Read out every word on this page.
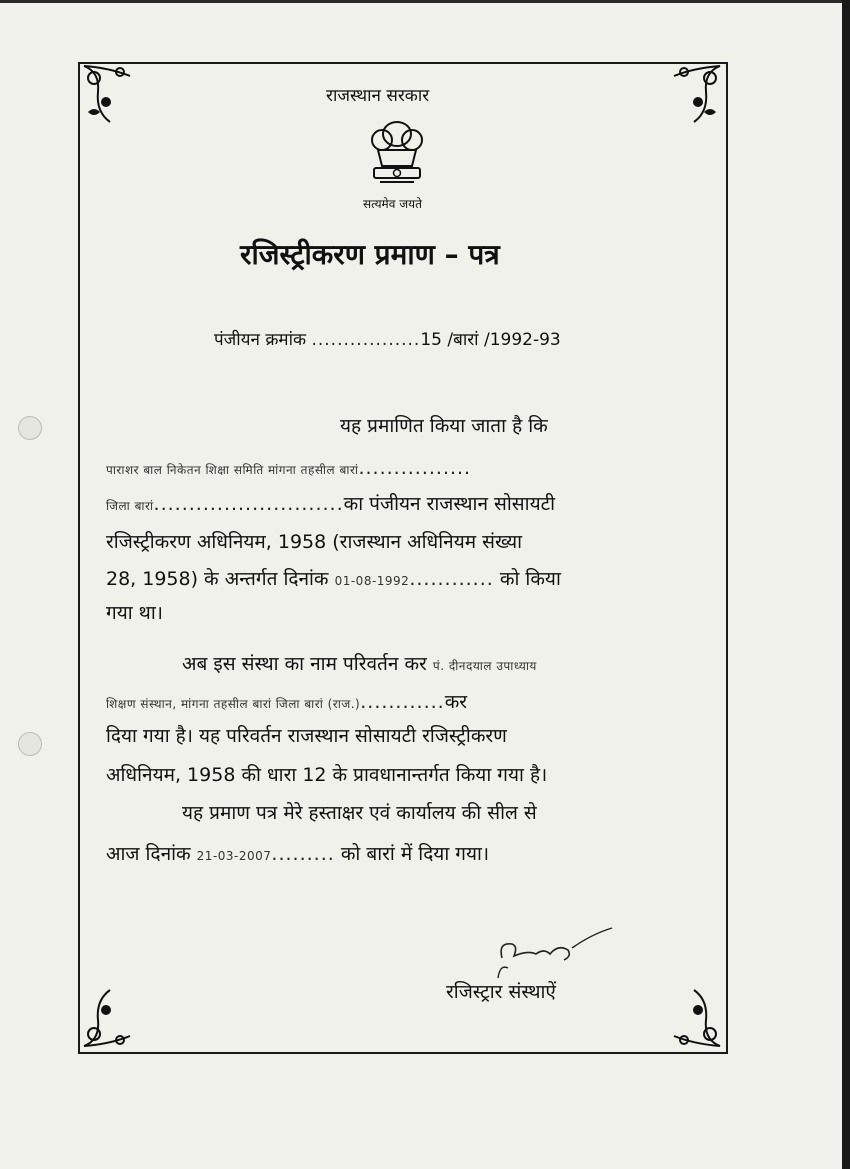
राजस्थान सरकार
सत्यमेव जयते
रजिस्ट्रीकरण प्रमाण – पत्र
पंजीयन क्रमांक .................15 /बारां /1992-93
यह प्रमाणित किया जाता है कि
पाराशर बाल निकेतन शिक्षा समिति मांगना तहसील बारां................
जिला बारां...........................का पंजीयन राजस्थान सोसायटी
रजिस्ट्रीकरण अधिनियम, 1958 (राजस्थान अधिनियम संख्या
28, 1958) के अन्तर्गत दिनांक 01-08-1992............ को किया
गया था।
अब इस संस्था का नाम परिवर्तन कर पं. दीनदयाल उपाध्याय
शिक्षण संस्थान, मांगना तहसील बारां जिला बारां (राज.)............कर
दिया गया है। यह परिवर्तन राजस्थान सोसायटी रजिस्ट्रीकरण
अधिनियम, 1958 की धारा 12 के प्रावधानान्तर्गत किया गया है।
यह प्रमाण पत्र मेरे हस्ताक्षर एवं कार्यालय की सील से
आज दिनांक 21-03-2007......... को बारां में दिया गया।
रजिस्ट्रार संस्थाऐं
